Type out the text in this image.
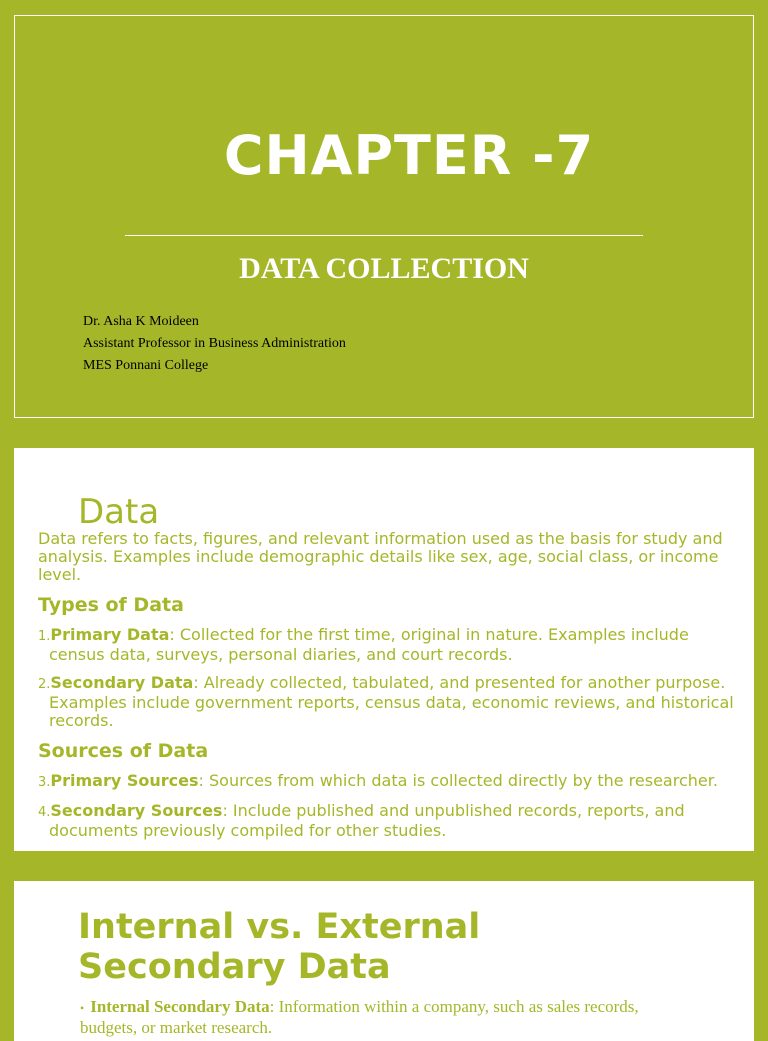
CHAPTER -7
DATA COLLECTION
Dr. Asha K Moideen
Assistant Professor in Business Administration
MES Ponnani College
Data

Data refers to facts, figures, and relevant information used as the basis for study and analysis. Examples include demographic details like sex, age, social class, or income level.

Types of Data

1.Primary Data: Collected for the first time, original in nature. Examples include census data, surveys, personal diaries, and court records.

2.Secondary Data: Already collected, tabulated, and presented for another purpose. Examples include government reports, census data, economic reviews, and historical records.

Sources of Data

3.Primary Sources: Sources from which data is collected directly by the researcher.

4.Secondary Sources: Include published and unpublished records, reports, and documents previously compiled for other studies.

Internal vs. External Secondary Data
• Internal Secondary Data: Information within a company, such as sales records, budgets, or market research.
